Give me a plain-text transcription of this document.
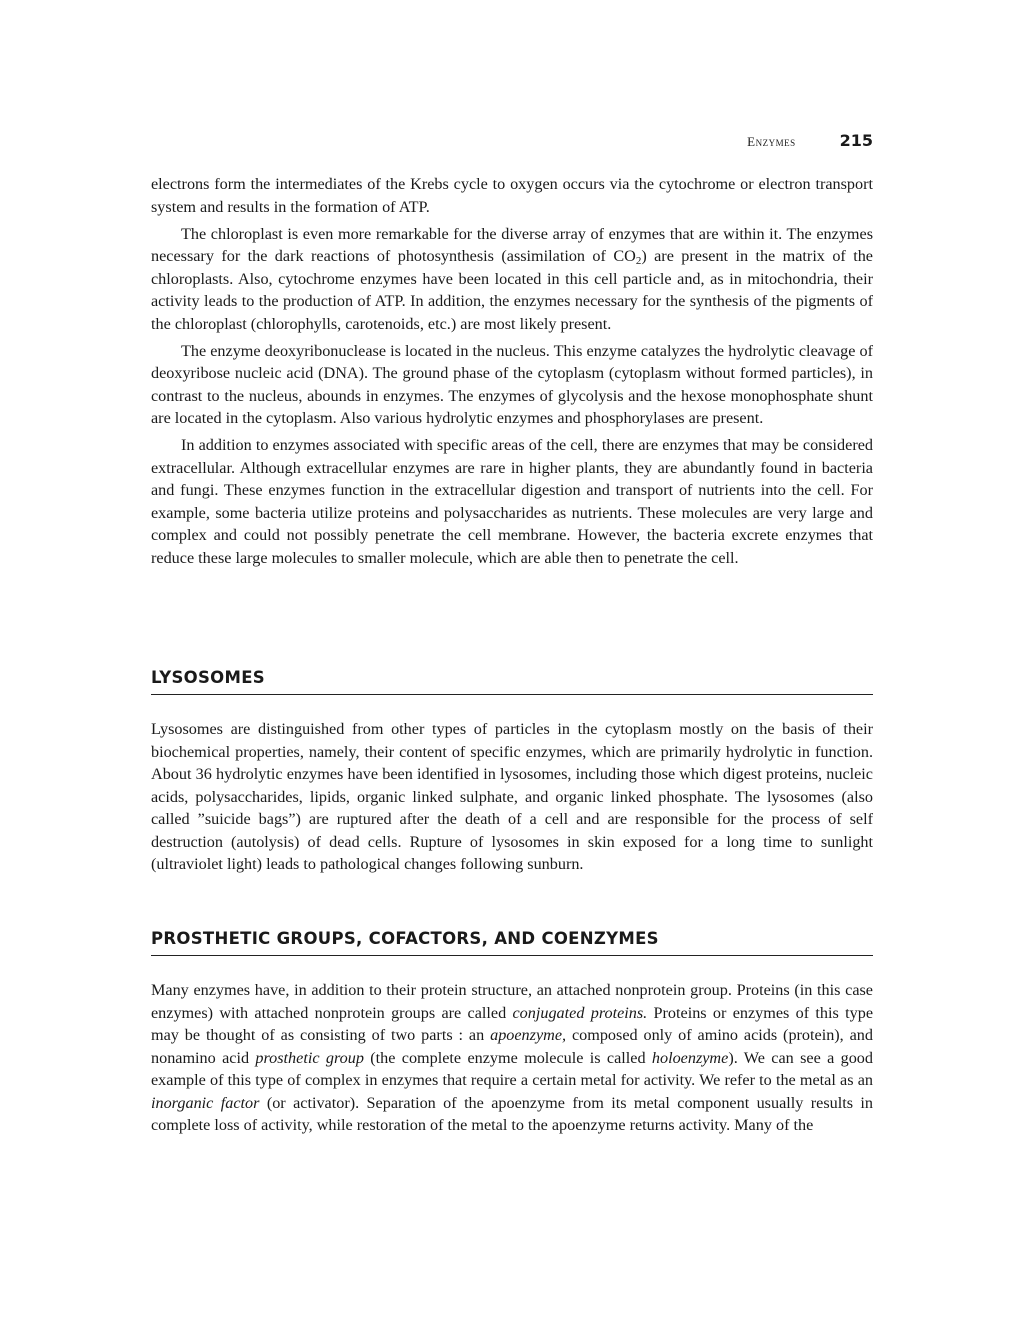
Enzymes	215

electrons form the intermediates of the Krebs cycle to oxygen occurs via the cytochrome or electron transport system and results in the formation of ATP.

The chloroplast is even more remarkable for the diverse array of enzymes that are within it. The enzymes necessary for the dark reactions of photosynthesis (assimilation of $CO_2$) are present in the matrix of the chloroplasts. Also, cytochrome enzymes have been located in this cell particle and, as in mitochondria, their activity leads to the production of ATP. In addition, the enzymes necessary for the synthesis of the pigments of the chloroplast (chlorophylls, carotenoids, etc.) are most likely present.

The enzyme deoxyribonuclease is located in the nucleus. This enzyme catalyzes the hydrolytic cleavage of deoxyribose nucleic acid (DNA). The ground phase of the cytoplasm (cytoplasm without formed particles), in contrast to the nucleus, abounds in enzymes. The enzymes of glycolysis and the hexose monophosphate shunt are located in the cytoplasm. Also various hydrolytic enzymes and phosphorylases are present.

In addition to enzymes associated with specific areas of the cell, there are enzymes that may be considered extracellular. Although extracellular enzymes are rare in higher plants, they are abundantly found in bacteria and fungi. These enzymes function in the extracellular digestion and transport of nutrients into the cell. For example, some bacteria utilize proteins and polysaccharides as nutrients. These molecules are very large and complex and could not possibly penetrate the cell membrane. However, the bacteria excrete enzymes that reduce these large molecules to smaller molecule, which are able then to penetrate the cell.

LYSOSOMES

Lysosomes are distinguished from other types of particles in the cytoplasm mostly on the basis of their biochemical properties, namely, their content of specific enzymes, which are primarily hydrolytic in function. About 36 hydrolytic enzymes have been identified in lysosomes, including those which digest proteins, nucleic acids, polysaccharides, lipids, organic linked sulphate, and organic linked phosphate. The lysosomes (also called ”suicide bags”) are ruptured after the death of a cell and are responsible for the process of self destruction (autolysis) of dead cells. Rupture of lysosomes in skin exposed for a long time to sunlight (ultraviolet light) leads to pathological changes following sunburn.

PROSTHETIC GROUPS, COFACTORS, AND COENZYMES

Many enzymes have, in addition to their protein structure, an attached nonprotein group. Proteins (in this case enzymes) with attached nonprotein groups are called conjugated proteins. Proteins or enzymes of this type may be thought of as consisting of two parts : an apoenzyme, composed only of amino acids (protein), and nonamino acid prosthetic group (the complete enzyme molecule is called holoenzyme). We can see a good example of this type of complex in enzymes that require a certain metal for activity. We refer to the metal as an inorganic factor (or activator). Separation of the apoenzyme from its metal component usually results in complete loss of activity, while restoration of the metal to the apoenzyme returns activity. Many of the
